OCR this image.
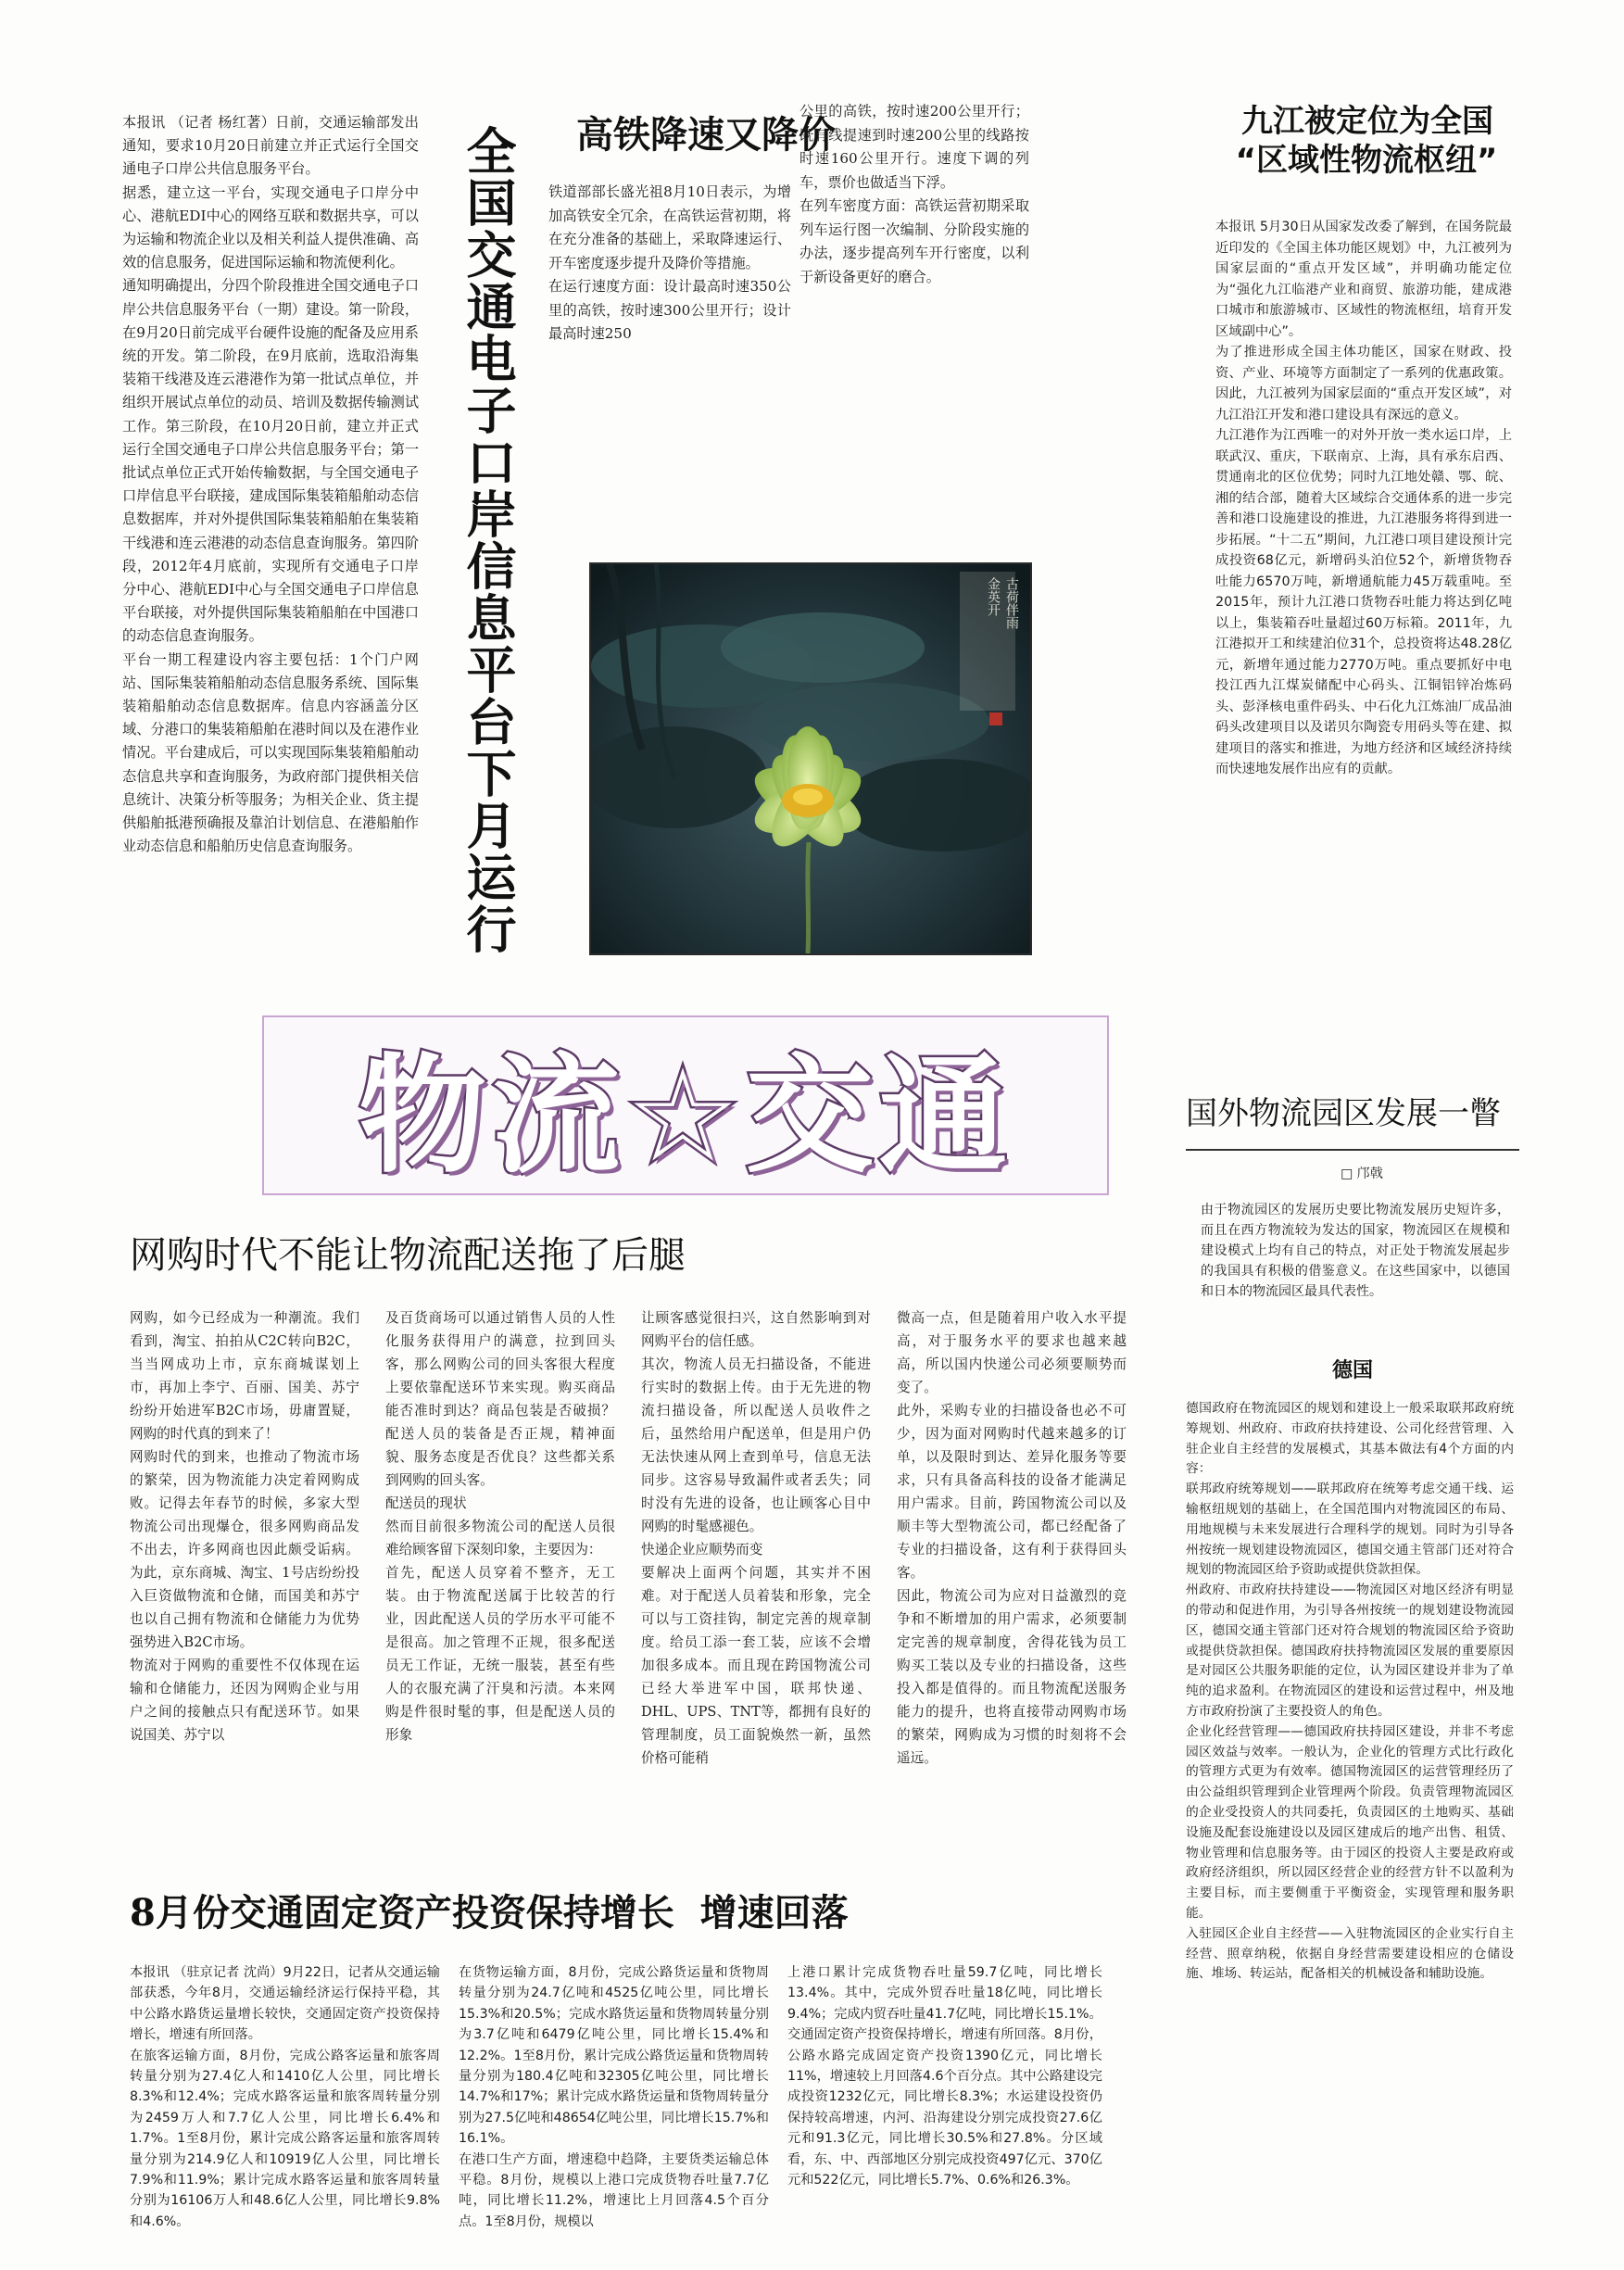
本报讯 （记者 杨红著）日前，交通运输部发出通知，要求10月20日前建立并正式运行全国交通电子口岸公共信息服务平台。
据悉，建立这一平台，实现交通电子口岸分中心、港航EDI中心的网络互联和数据共享，可以为运输和物流企业以及相关利益人提供准确、高效的信息服务，促进国际运输和物流便利化。
通知明确提出，分四个阶段推进全国交通电子口岸公共信息服务平台（一期）建设。第一阶段，在9月20日前完成平台硬件设施的配备及应用系统的开发。第二阶段，在9月底前，选取沿海集装箱干线港及连云港港作为第一批试点单位，并组织开展试点单位的动员、培训及数据传输测试工作。第三阶段，在10月20日前，建立并正式运行全国交通电子口岸公共信息服务平台；第一批试点单位正式开始传输数据，与全国交通电子口岸信息平台联接，建成国际集装箱船舶动态信息数据库，并对外提供国际集装箱船舶在集装箱干线港和连云港港的动态信息查询服务。第四阶段，2012年4月底前，实现所有交通电子口岸分中心、港航EDI中心与全国交通电子口岸信息平台联接，对外提供国际集装箱船舶在中国港口的动态信息查询服务。
平台一期工程建设内容主要包括：1个门户网站、国际集装箱船舶动态信息服务系统、国际集装箱船舶动态信息数据库。信息内容涵盖分区域、分港口的集装箱船舶在港时间以及在港作业情况。平台建成后，可以实现国际集装箱船舶动态信息共享和查询服务，为政府部门提供相关信息统计、决策分析等服务；为相关企业、货主提供船舶抵港预确报及靠泊计划信息、在港船舶作业动态信息和船舶历史信息查询服务。	全国交通电子口岸信息平台下月运行 高铁降速又降价

铁道部部长盛光祖8月10日表示，为增加高铁安全冗余，在高铁运营初期，将在充分准备的基础上，采取降速运行、开车密度逐步提升及降价等措施。
在运行速度方面：设计最高时速350公里的高铁，按时速300公里开行；设计最高时速250

公里的高铁，按时速200公里开行；既有线提速到时速200公里的线路按时速160公里开行。速度下调的列车，票价也做适当下浮。
在列车密度方面：高铁运营初期采取列车运行图一次编制、分阶段实施的办法，逐步提高列车开行密度，以利于新设备更好的磨合。

古荷伴雨
金英开
九江被定位为全国
“区域性物流枢纽”

本报讯 5月30日从国家发改委了解到，在国务院最近印发的《全国主体功能区规划》中，九江被列为国家层面的“重点开发区域”，并明确功能定位为“强化九江临港产业和商贸、旅游功能，建成港口城市和旅游城市、区域性的物流枢纽，培育开发区域副中心”。
为了推进形成全国主体功能区，国家在财政、投资、产业、环境等方面制定了一系列的优惠政策。因此，九江被列为国家层面的“重点开发区域”，对九江沿江开发和港口建设具有深远的意义。
九江港作为江西唯一的对外开放一类水运口岸，上联武汉、重庆，下联南京、上海，具有承东启西、贯通南北的区位优势；同时九江地处赣、鄂、皖、湘的结合部，随着大区域综合交通体系的进一步完善和港口设施建设的推进，九江港服务将得到进一步拓展。“十二五”期间，九江港口项目建设预计完成投资68亿元，新增码头泊位52个，新增货物吞吐能力6570万吨，新增通航能力45万载重吨。至2015年，预计九江港口货物吞吐能力将达到亿吨以上，集装箱吞吐量超过60万标箱。2011年，九江港拟开工和续建泊位31个，总投资将达48.28亿元，新增年通过能力2770万吨。重点要抓好中电投江西九江煤炭储配中心码头、江铜铝锌冶炼码头、彭泽核电重件码头、中石化九江炼油厂成品油码头改建项目以及诺贝尔陶瓷专用码头等在建、拟建项目的落实和推进，为地方经济和区域经济持续而快速地发展作出应有的贡献。

物流☆交通
网购时代不能让物流配送拖了后腿

网购，如今已经成为一种潮流。我们看到，淘宝、拍拍从C2C转向B2C，当当网成功上市，京东商城谋划上市，再加上李宁、百丽、国美、苏宁纷纷开始进军B2C市场，毋庸置疑，网购的时代真的到来了！
网购时代的到来，也推动了物流市场的繁荣，因为物流能力决定着网购成败。记得去年春节的时候，多家大型物流公司出现爆仓，很多网购商品发不出去，许多网商也因此颇受诟病。为此，京东商城、淘宝、1号店纷纷投入巨资做物流和仓储，而国美和苏宁也以自己拥有物流和仓储能力为优势强势进入B2C市场。
物流对于网购的重要性不仅体现在运输和仓储能力，还因为网购企业与用户之间的接触点只有配送环节。如果说国美、苏宁以

及百货商场可以通过销售人员的人性化服务获得用户的满意，拉到回头客，那么网购公司的回头客很大程度上要依靠配送环节来实现。购买商品能否准时到达？商品包装是否破损？配送人员的装备是否正规，精神面貌、服务态度是否优良？这些都关系到网购的回头客。
配送员的现状
然而目前很多物流公司的配送人员很难给顾客留下深刻印象，主要因为：
首先，配送人员穿着不整齐，无工装。由于物流配送属于比较苦的行业，因此配送人员的学历水平可能不是很高。加之管理不正规，很多配送员无工作证，无统一服装，甚至有些人的衣服充满了汗臭和污渍。本来网购是件很时髦的事，但是配送人员的形象

让顾客感觉很扫兴，这自然影响到对网购平台的信任感。
其次，物流人员无扫描设备，不能进行实时的数据上传。由于无先进的物流扫描设备，所以配送人员收件之后，虽然给用户配送单，但是用户仍无法快速从网上查到单号，信息无法同步。这容易导致漏件或者丢失；同时没有先进的设备，也让顾客心目中网购的时髦感褪色。
快递企业应顺势而变
要解决上面两个问题，其实并不困难。对于配送人员着装和形象，完全可以与工资挂钩，制定完善的规章制度。给员工添一套工装，应该不会增加很多成本。而且现在跨国物流公司已经大举进军中国，联邦快递、DHL、UPS、TNT等，都拥有良好的管理制度，员工面貌焕然一新，虽然价格可能稍

微高一点，但是随着用户收入水平提高，对于服务水平的要求也越来越高，所以国内快递公司必须要顺势而变了。
此外，采购专业的扫描设备也必不可少，因为面对网购时代越来越多的订单，以及限时到达、差异化服务等要求，只有具备高科技的设备才能满足用户需求。目前，跨国物流公司以及顺丰等大型物流公司，都已经配备了专业的扫描设备，这有利于获得回头客。
因此，物流公司为应对日益激烈的竞争和不断增加的用户需求，必须要制定完善的规章制度，舍得花钱为员工购买工装以及专业的扫描设备，这些投入都是值得的。而且物流配送服务能力的提升，也将直接带动网购市场的繁荣，网购成为习惯的时刻将不会遥远。

国外物流园区发展一瞥
□ 邝戟

由于物流园区的发展历史要比物流发展历史短许多，而且在西方物流较为发达的国家，物流园区在规模和建设模式上均有自己的特点，对正处于物流发展起步的我国具有积极的借鉴意义。在这些国家中，以德国和日本的物流园区最具代表性。

德国

德国政府在物流园区的规划和建设上一般采取联邦政府统筹规划、州政府、市政府扶持建设、公司化经营管理、入驻企业自主经营的发展模式，其基本做法有4个方面的内容：
联邦政府统筹规划——联邦政府在统筹考虑交通干线、运输枢纽规划的基础上，在全国范围内对物流园区的布局、用地规模与未来发展进行合理科学的规划。同时为引导各州按统一规划建设物流园区，德国交通主管部门还对符合规划的物流园区给予资助或提供贷款担保。
州政府、市政府扶持建设——物流园区对地区经济有明显的带动和促进作用，为引导各州按统一的规划建设物流园区，德国交通主管部门还对符合规划的物流园区给予资助或提供贷款担保。德国政府扶持物流园区发展的重要原因是对园区公共服务职能的定位，认为园区建设并非为了单纯的追求盈利。在物流园区的建设和运营过程中，州及地方市政府扮演了主要投资人的角色。
企业化经营管理——德国政府扶持园区建设，并非不考虑园区效益与效率。一般认为，企业化的管理方式比行政化的管理方式更为有效率。德国物流园区的运营管理经历了由公益组织管理到企业管理两个阶段。负责管理物流园区的企业受投资人的共同委托，负责园区的土地购买、基础设施及配套设施建设以及园区建成后的地产出售、租赁、物业管理和信息服务等。由于园区的投资人主要是政府或政府经济组织，所以园区经营企业的经营方针不以盈利为主要目标，而主要侧重于平衡资金，实现管理和服务职能。
入驻园区企业自主经营——入驻物流园区的企业实行自主经营、照章纳税，依据自身经营需要建设相应的仓储设施、堆场、转运站，配备相关的机械设备和辅助设施。

8月份交通固定资产投资保持增长  增速回落

本报讯 （驻京记者 沈尚）9月22日，记者从交通运输部获悉，今年8月，交通运输经济运行保持平稳，其中公路水路货运量增长较快，交通固定资产投资保持增长，增速有所回落。
在旅客运输方面，8月份，完成公路客运量和旅客周转量分别为27.4亿人和1410亿人公里，同比增长8.3%和12.4%；完成水路客运量和旅客周转量分别为2459万人和7.7亿人公里，同比增长6.4%和1.7%。1至8月份，累计完成公路客运量和旅客周转量分别为214.9亿人和10919亿人公里，同比增长7.9%和11.9%；累计完成水路客运量和旅客周转量分别为16106万人和48.6亿人公里，同比增长9.8%和4.6%。

在货物运输方面，8月份，完成公路货运量和货物周转量分别为24.7亿吨和4525亿吨公里，同比增长15.3%和20.5%；完成水路货运量和货物周转量分别为3.7亿吨和6479亿吨公里，同比增长15.4%和12.2%。1至8月份，累计完成公路货运量和货物周转量分别为180.4亿吨和32305亿吨公里，同比增长14.7%和17%；累计完成水路货运量和货物周转量分别为27.5亿吨和48654亿吨公里，同比增长15.7%和16.1%。
在港口生产方面，增速稳中趋降，主要货类运输总体平稳。8月份，规模以上港口完成货物吞吐量7.7亿吨，同比增长11.2%，增速比上月回落4.5个百分点。1至8月份，规模以

上港口累计完成货物吞吐量59.7亿吨，同比增长13.4%。其中，完成外贸吞吐量18亿吨，同比增长9.4%；完成内贸吞吐量41.7亿吨，同比增长15.1%。
交通固定资产投资保持增长，增速有所回落。8月份，公路水路完成固定资产投资1390亿元，同比增长11%，增速较上月回落4.6个百分点。其中公路建设完成投资1232亿元，同比增长8.3%；水运建设投资仍保持较高增速，内河、沿海建设分别完成投资27.6亿元和91.3亿元，同比增长30.5%和27.8%。分区域看，东、中、西部地区分别完成投资497亿元、370亿元和522亿元，同比增长5.7%、0.6%和26.3%。
